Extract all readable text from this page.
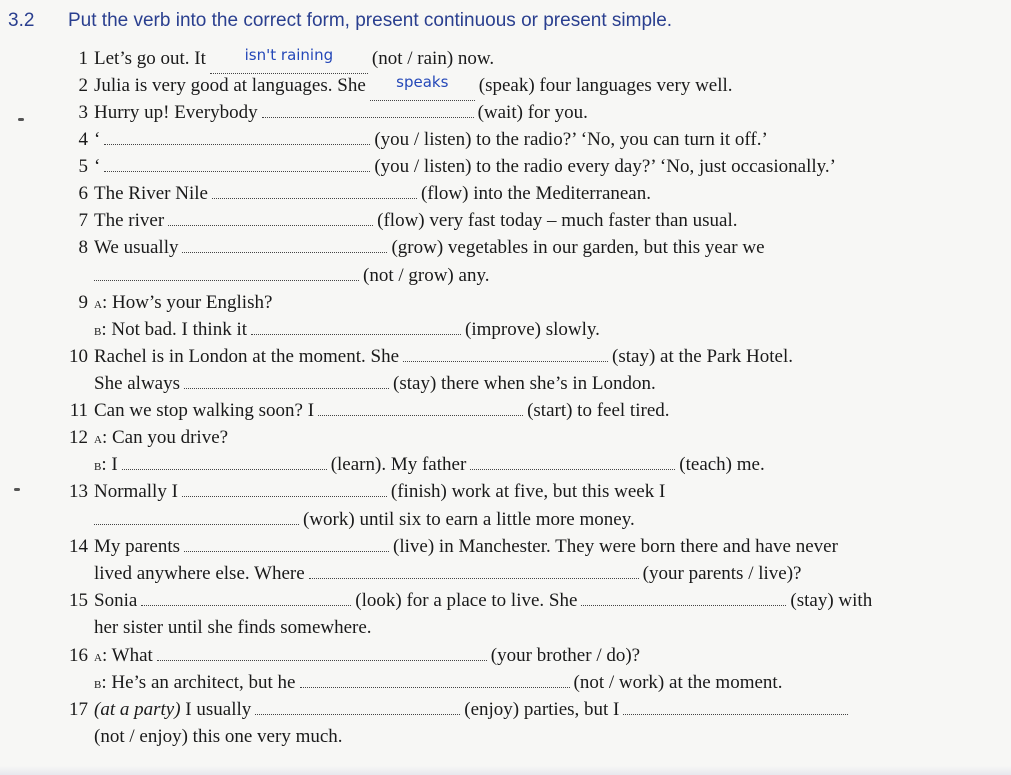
3.2 Put the verb into the correct form, present continuous or present simple.
1 Let’s go out. It	$^{isn't raining}$ (not / rain) now.
2 Julia is very good at languages. She $^{speaks}$ (speak) four languages very well.
3 Hurry up! Everybody	(wait) for you.
4 ‘	(you / listen) to the radio?’ ‘No, you can turn it off.’
5 ‘	(you / listen) to the radio every day?’ ‘No, just occasionally.’
6 The River Nile	(flow) into the Mediterranean.
7 The river	(flow) very fast today – much faster than usual.
8 We usually	(grow) vegetables in our garden, but this year we
(not / grow) any.
9 a: How’s your English?
b: Not bad. I think it	(improve) slowly.
10 Rachel is in London at the moment. She	(stay) at the Park Hotel.
She always	(stay) there when she’s in London.
11 Can we stop walking soon? I	(start) to feel tired.
12 a: Can you drive?
b: I	(learn). My father	(teach) me.
13 Normally I	(finish) work at five, but this week I
(work) until six to earn a little more money.
14 My parents	(live) in Manchester. They were born there and have never
lived anywhere else. Where	(your parents / live)?
15 Sonia	(look) for a place to live. She	(stay) with
her sister until she finds somewhere.
16 a: What	(your brother / do)?
b: He’s an architect, but he	(not / work) at the moment.
17 (at a party) I usually	(enjoy) parties, but I
(not / enjoy) this one very much.
